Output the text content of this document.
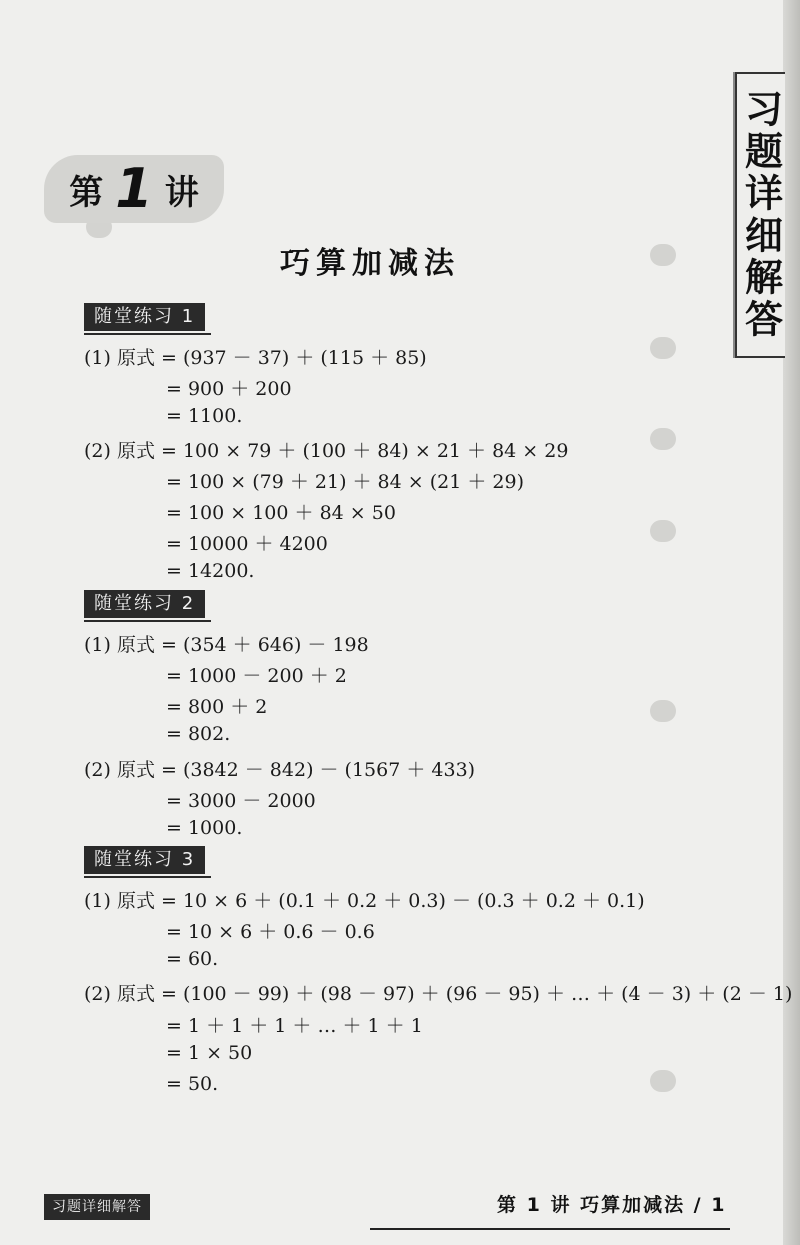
习题详细解答
第 1 讲
巧算加减法
随堂练习 1
(1) 原式 = (937 － 37) ＋ (115 ＋ 85)
= 900 ＋ 200
= 1100.
(2) 原式 = 100 × 79 ＋ (100 ＋ 84) × 21 ＋ 84 × 29
= 100 × (79 ＋ 21) ＋ 84 × (21 ＋ 29)
= 100 × 100 ＋ 84 × 50
= 10000 ＋ 4200
= 14200.
随堂练习 2
(1) 原式 = (354 ＋ 646) － 198
= 1000 － 200 ＋ 2
= 800 ＋ 2
= 802.
(2) 原式 = (3842 － 842) － (1567 ＋ 433)
= 3000 － 2000
= 1000.
随堂练习 3
(1) 原式 = 10 × 6 ＋ (0.1 ＋ 0.2 ＋ 0.3) － (0.3 ＋ 0.2 ＋ 0.1)
= 10 × 6 ＋ 0.6 － 0.6
= 60.
(2) 原式 = (100 － 99) ＋ (98 － 97) ＋ (96 － 95) ＋ … ＋ (4 － 3) ＋ (2 － 1)
= 1 ＋ 1 ＋ 1 ＋ … ＋ 1 ＋ 1
= 1 × 50
= 50.
习题详细解答	第 1 讲 巧算加减法 / 1
